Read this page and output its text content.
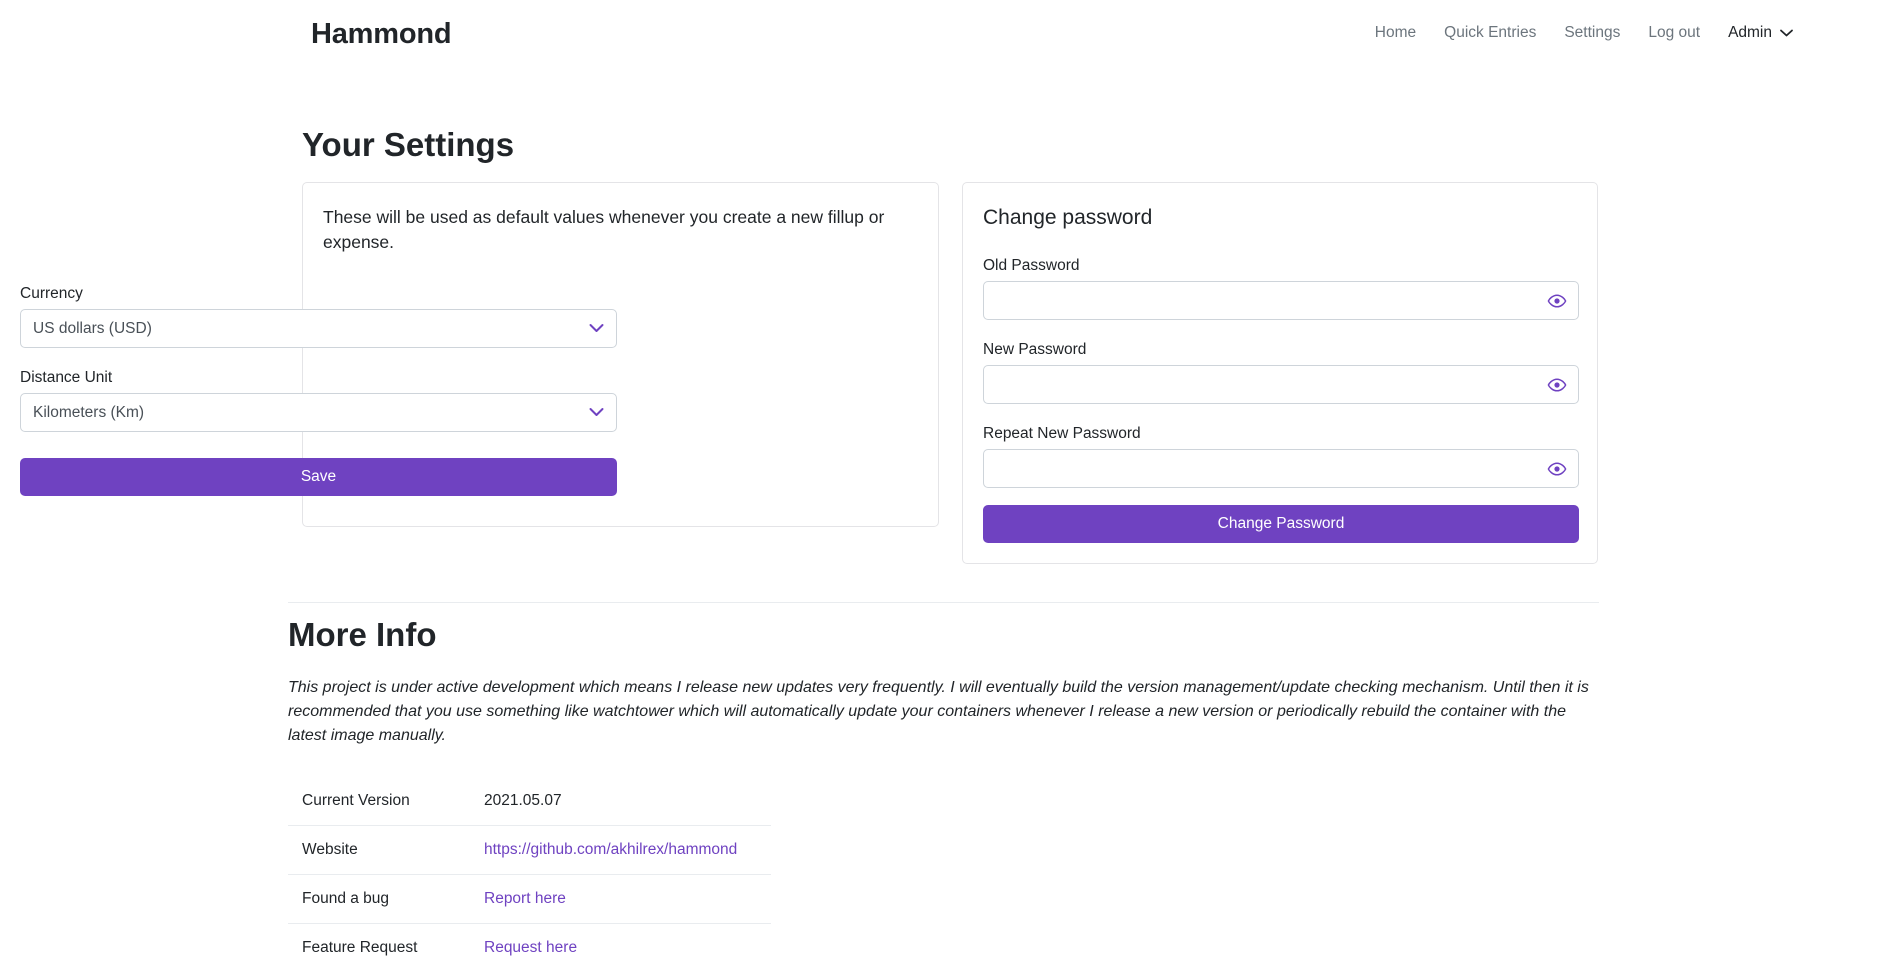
Hammond	Home	Quick Entries	Settings	Log out	Admin
Your Settings
These will be used as default values whenever you create a new fillup or expense.
Currency
US dollars (USD)
Distance Unit
Kilometers (Km)
Save
Change password
Old Password
New Password
Repeat New Password
Change Password
More Info
This project is under active development which means I release new updates very frequently. I will eventually build the version management/update checking mechanism. Until then it is recommended that you use something like watchtower which will automatically update your containers whenever I release a new version or periodically rebuild the container with the latest image manually.
Current Version	2021.05.07
Website	https://github.com/akhilrex/hammond
Found a bug	Report here
Feature Request	Request here
